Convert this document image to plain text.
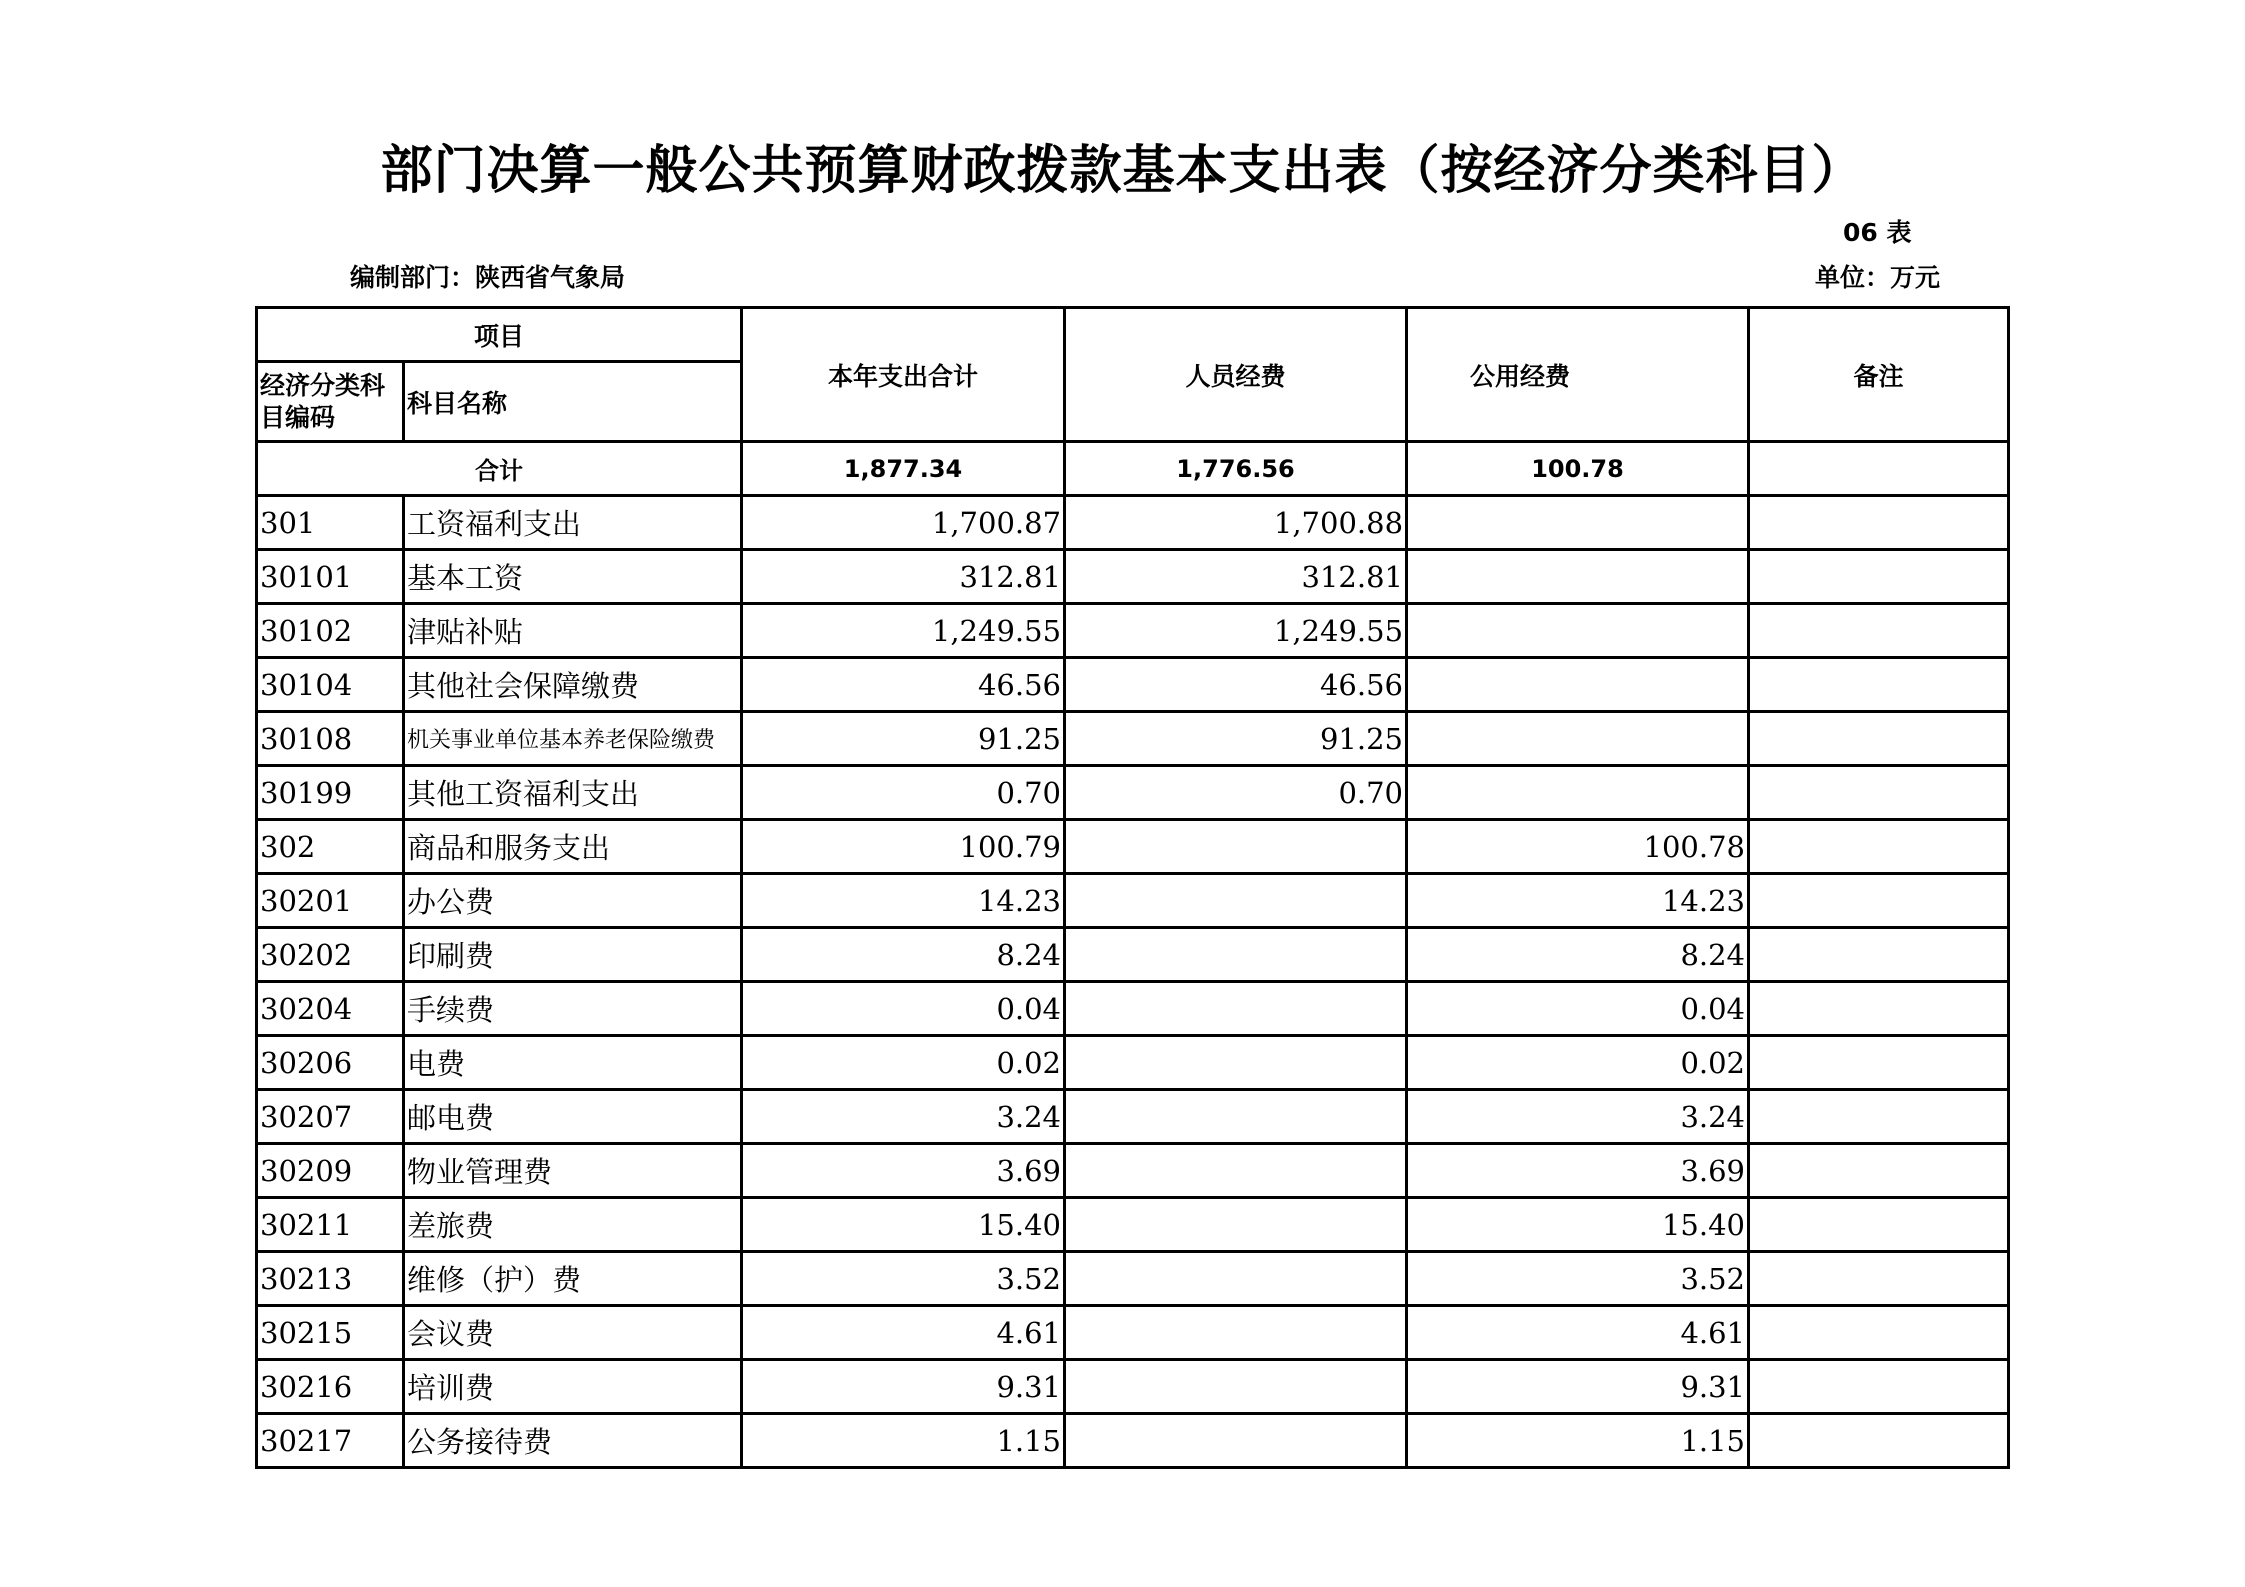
部门决算一般公共预算财政拨款基本支出表（按经济分类科目）
06 表
编制部门：陕西省气象局	单位：万元
项目		本年支出合计	人员经费	公用经费	备注
经济分类科目编码	科目名称				
合计		1,877.34	1,776.56	100.78	
301	工资福利支出	1,700.87	1,700.88		
30101	基本工资	312.81	312.81		
30102	津贴补贴	1,249.55	1,249.55		
30104	其他社会保障缴费	46.56	46.56		
30108	机关事业单位基本养老保险缴费	91.25	91.25		
30199	其他工资福利支出	0.70	0.70		
302	商品和服务支出	100.79		100.78	
30201	办公费	14.23		14.23	
30202	印刷费	8.24		8.24	
30204	手续费	0.04		0.04	
30206	电费	0.02		0.02	
30207	邮电费	3.24		3.24	
30209	物业管理费	3.69		3.69	
30211	差旅费	15.40		15.40	
30213	维修（护）费	3.52		3.52	
30215	会议费	4.61		4.61	
30216	培训费	9.31		9.31	
30217	公务接待费	1.15		1.15	
